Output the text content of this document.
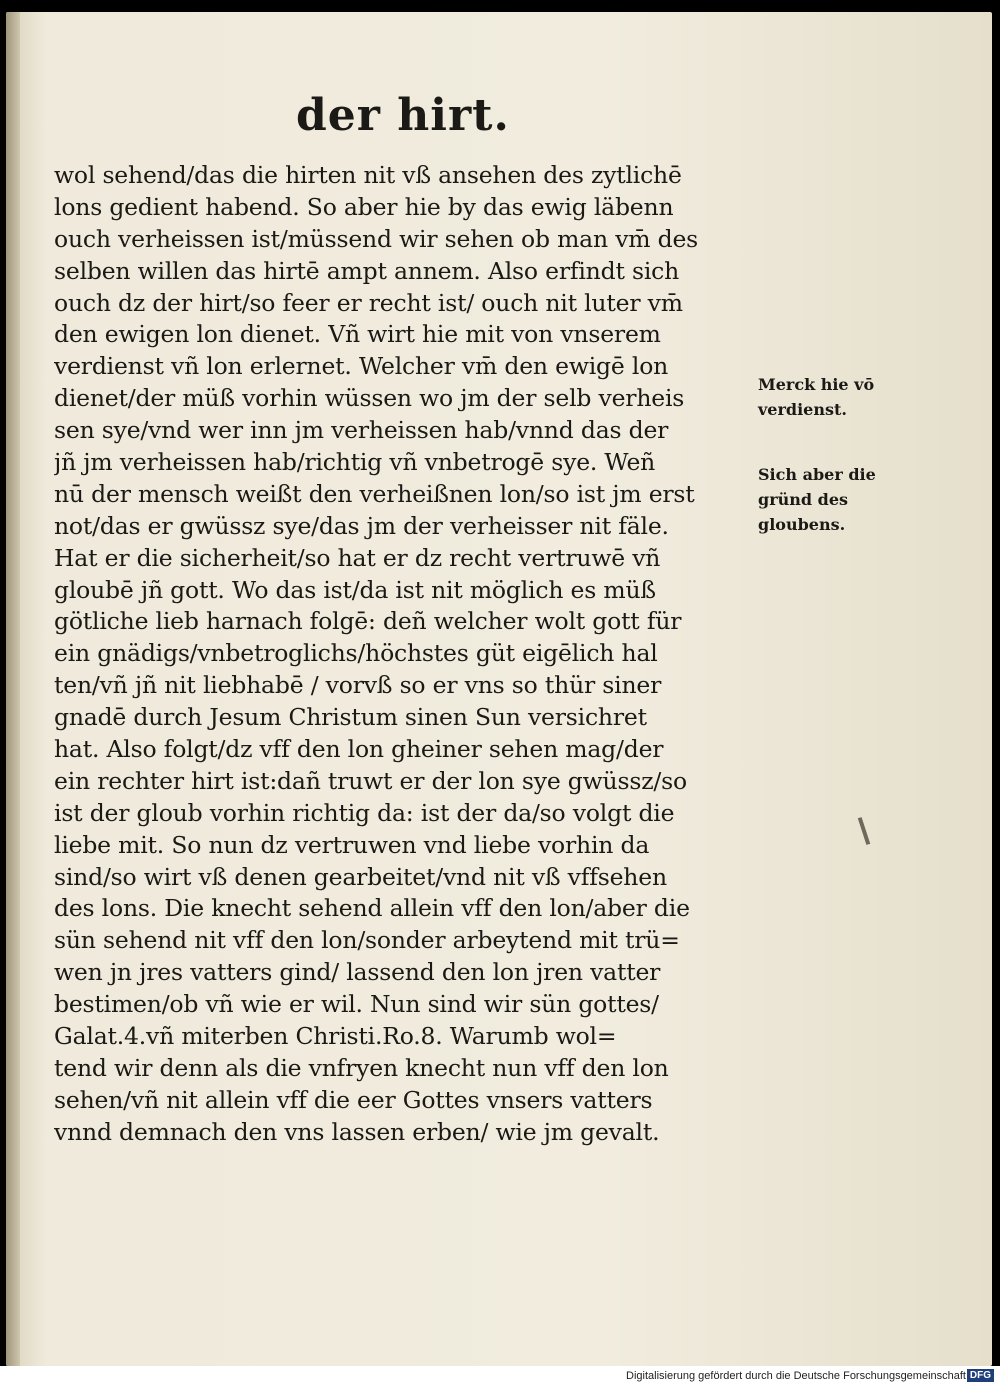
der hirt.
wol sehend/das die hirten nit vß ansehen des zytlichē
lons gedient habend. So aber hie by das ewig läbenn
ouch verheissen ist/müssend wir sehen ob man vm̄ des
selben willen das hirtē ampt annem. Also erfindt sich
ouch dz der hirt/so feer er recht ist/ ouch nit luter vm̄
den ewigen lon dienet. Vñ wirt hie mit von vnserem
verdienst vñ lon erlernet. Welcher vm̄ den ewigē lon
dienet/der müß vorhin wüssen wo jm der selb verheis
sen sye/vnd wer inn jm verheissen hab/vnnd das der
jñ jm verheissen hab/richtig vñ vnbetrogē sye. Weñ
nū der mensch weißt den verheißnen lon/so ist jm erst
not/das er gwüssz sye/das jm der verheisser nit fäle.
Hat er die sicherheit/so hat er dz recht vertruwē vñ
gloubē jñ gott. Wo das ist/da ist nit möglich es müß
götliche lieb harnach folgē: deñ welcher wolt gott für
ein gnädigs/vnbetroglichs/höchstes güt eigēlich hal
ten/vñ jñ nit liebhabē / vorvß so er vns so thür siner
gnadē durch Jesum Christum sinen Sun versichret
hat. Also folgt/dz vff den lon gheiner sehen mag/der
ein rechter hirt ist:dañ truwt er der lon sye gwüssz/so
ist der gloub vorhin richtig da: ist der da/so volgt die
liebe mit. So nun dz vertruwen vnd liebe vorhin da
sind/so wirt vß denen gearbeitet/vnd nit vß vffsehen
des lons. Die knecht sehend allein vff den lon/aber die
sün sehend nit vff den lon/sonder arbeytend mit trü=
wen jn jres vatters gind/ lassend den lon jren vatter
bestimen/ob vñ wie er wil. Nun sind wir sün gottes/
Galat.4.vñ miterben Christi.Ro.8. Warumb wol=
tend wir denn als die vnfryen knecht nun vff den lon
sehen/vñ nit allein vff die eer Gottes vnsers vatters
vnnd demnach den vns lassen erben/ wie jm gevalt.
Merck hie vō
verdienst.
Sich aber die
gründ des
gloubens.
Digitalisierung gefördert durch die Deutsche Forschungsgemeinschaft DFG
